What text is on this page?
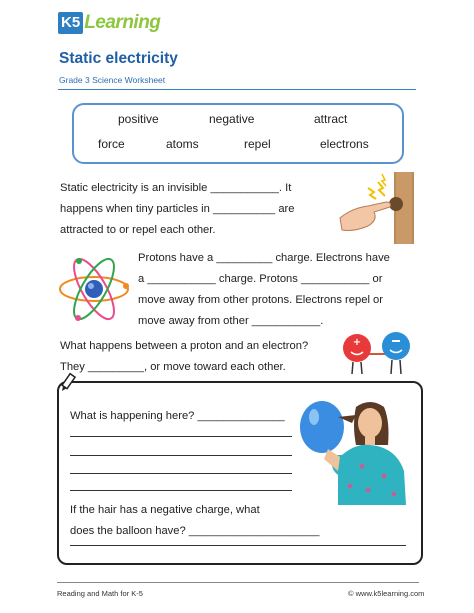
K5 Learning
Static electricity
Grade 3 Science Worksheet
positive	negative	attract
force	atoms	repel	electrons
Static electricity is an invisible ___________. It
happens when tiny particles in __________ are
attracted to or repel each other.
Protons have a _________ charge. Electrons have
a ___________ charge. Protons ___________ or
move away from other protons. Electrons repel or
move away from other ___________.
What happens between a proton and an electron?
They _________, or move toward each other.
+
What is happening here? ______________
If the hair has a negative charge, what
does the balloon have? _____________________
★
★
★ ★
★
Reading and Math for K-5	© www.k5learning.com
